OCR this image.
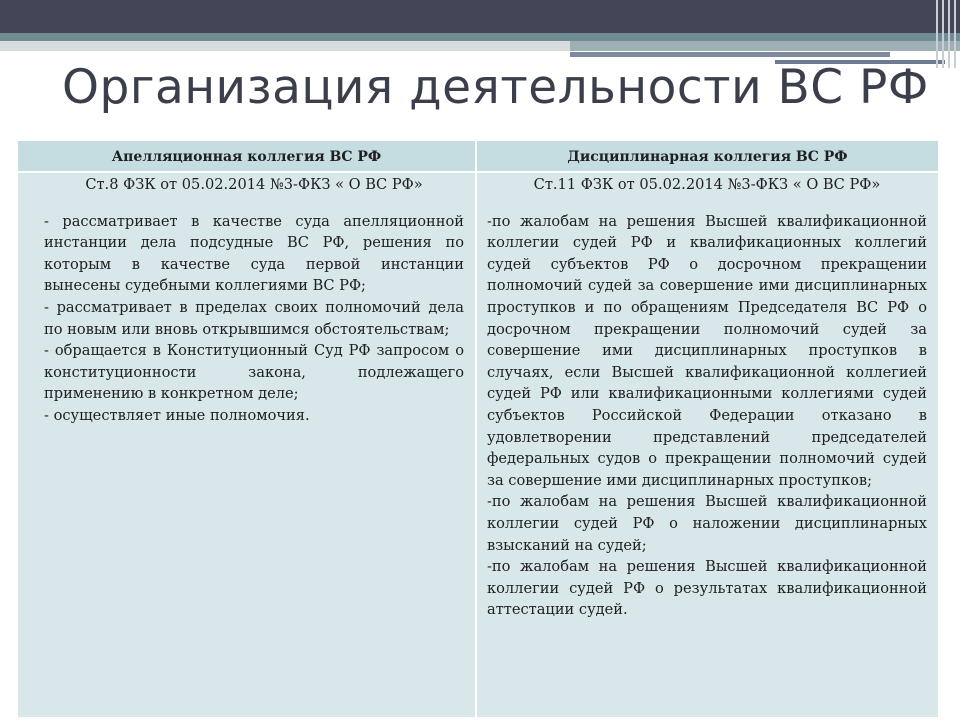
Организация деятельности ВС РФ
Апелляционная коллегия ВС РФ	Дисциплинарная коллегия ВС РФ

Ст.8 ФЗК от 05.02.2014 №3-ФКЗ « О ВС РФ»

- рассматривает в качестве суда апелляционной инстанции дела подсудные ВС РФ, решения по которым в качестве суда первой инстанции вынесены судебными коллегиями ВС РФ;

- рассматривает в пределах своих полномочий дела по новым или вновь открывшимся обстоятельствам;

- обращается в Конституционный Суд РФ запросом о конституционности закона, подлежащего применению в конкретном деле;

- осуществляет иные полномочия.

Ст.11 ФЗК от 05.02.2014 №3-ФКЗ « О ВС РФ»

-по жалобам на решения Высшей квалификационной коллегии судей РФ и квалификационных коллегий судей субъектов РФ о досрочном прекращении полномочий судей за совершение ими дисциплинарных проступков и по обращениям Председателя ВС РФ о досрочном прекращении полномочий судей за совершение ими дисциплинарных проступков в случаях, если Высшей квалификационной коллегией судей РФ или квалификационными коллегиями судей субъектов Российской Федерации отказано в удовлетворении представлений председателей федеральных судов о прекращении полномочий судей за совершение ими дисциплинарных проступков;

-по жалобам на решения Высшей квалификационной коллегии судей РФ о наложении дисциплинарных взысканий на судей;

-по жалобам на решения Высшей квалификационной коллегии судей РФ о результатах квалификационной аттестации судей.
